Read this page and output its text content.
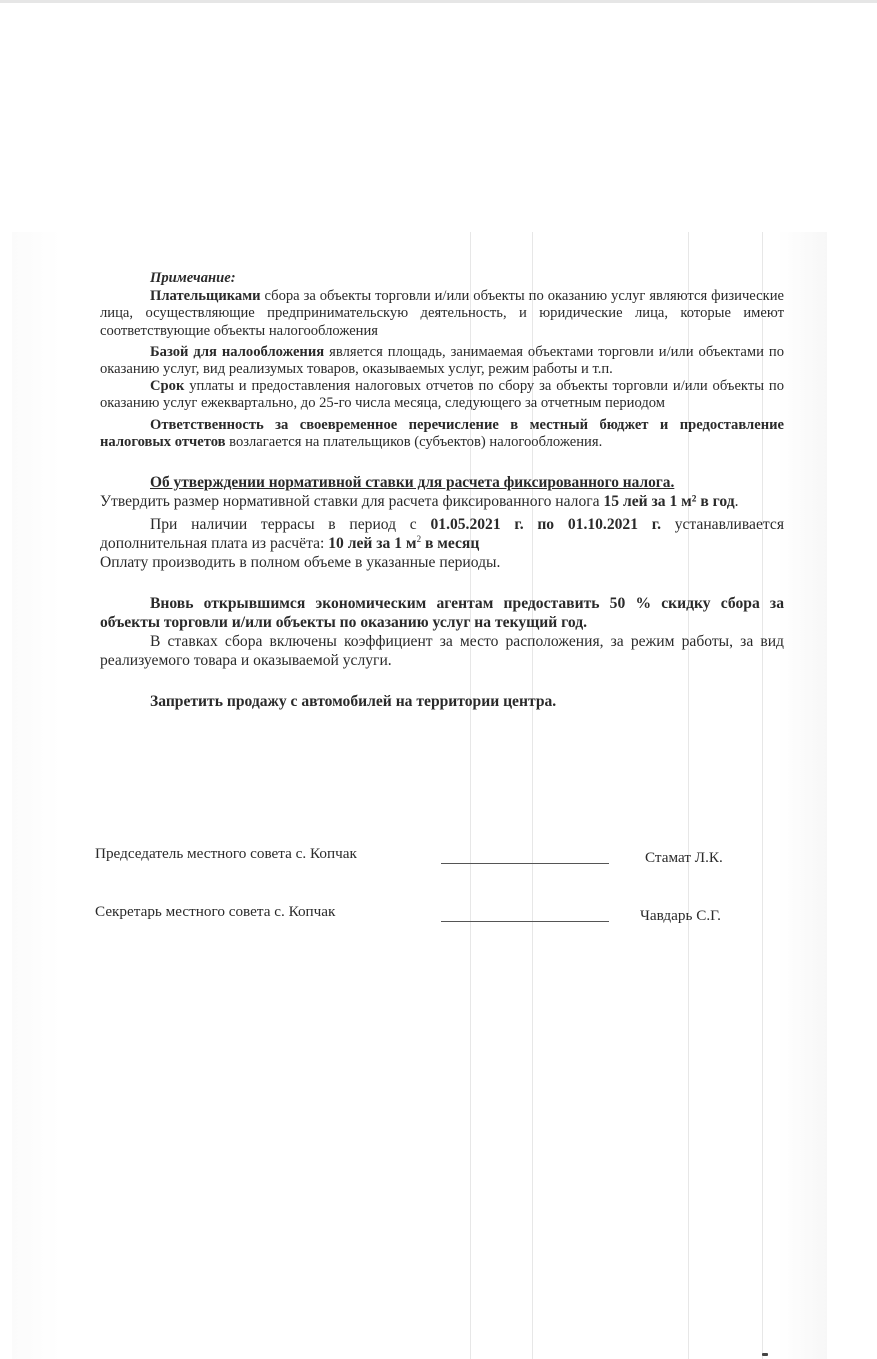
Примечание:

Плательщиками сбора за объекты торговли и/или объекты по оказанию услуг являются физические лица, осуществляющие предпринимательскую деятельность, и юридические лица, которые имеют соответствующие объекты налогообложения

Базой для налообложения является площадь, занимаемая объектами торговли и/или объектами по оказанию услуг, вид реализумых товаров, оказываемых услуг, режим работы и т.п.

Срок уплаты и предоставления налоговых отчетов по сбору за объекты торговли и/или объекты по оказанию услуг ежеквартально, до 25-го числа месяца, следующего за отчетным периодом

Ответственность за своевременное перечисление в местный бюджет и предоставление налоговых отчетов возлагается на плательщиков (субъектов) налогообложения.

Об утверждении нормативной ставки для расчета фиксированного налога.

Утвердить размер нормативной ставки для расчета фиксированного налога 15 лей за 1 м² в год.

При наличии террасы в период с 01.05.2021 г. по 01.10.2021 г. устанавливается дополнительная плата из расчёта: 10 лей за 1 $м^2$ в месяц

Оплату производить в полном объеме в указанные периоды.

Вновь открывшимся экономическим агентам предоставить 50 % скидку сбора за объекты торговли и/или объекты по оказанию услуг на текущий год.

В ставках сбора включены коэффициент за место расположения, за режим работы, за вид реализуемого товара и оказываемой услуги.

Запретить продажу с автомобилей на территории центра.

Председатель местного совета с. Копчак	Стамат Л.К.
Секретарь местного совета с. Копчак	Чавдарь С.Г.
